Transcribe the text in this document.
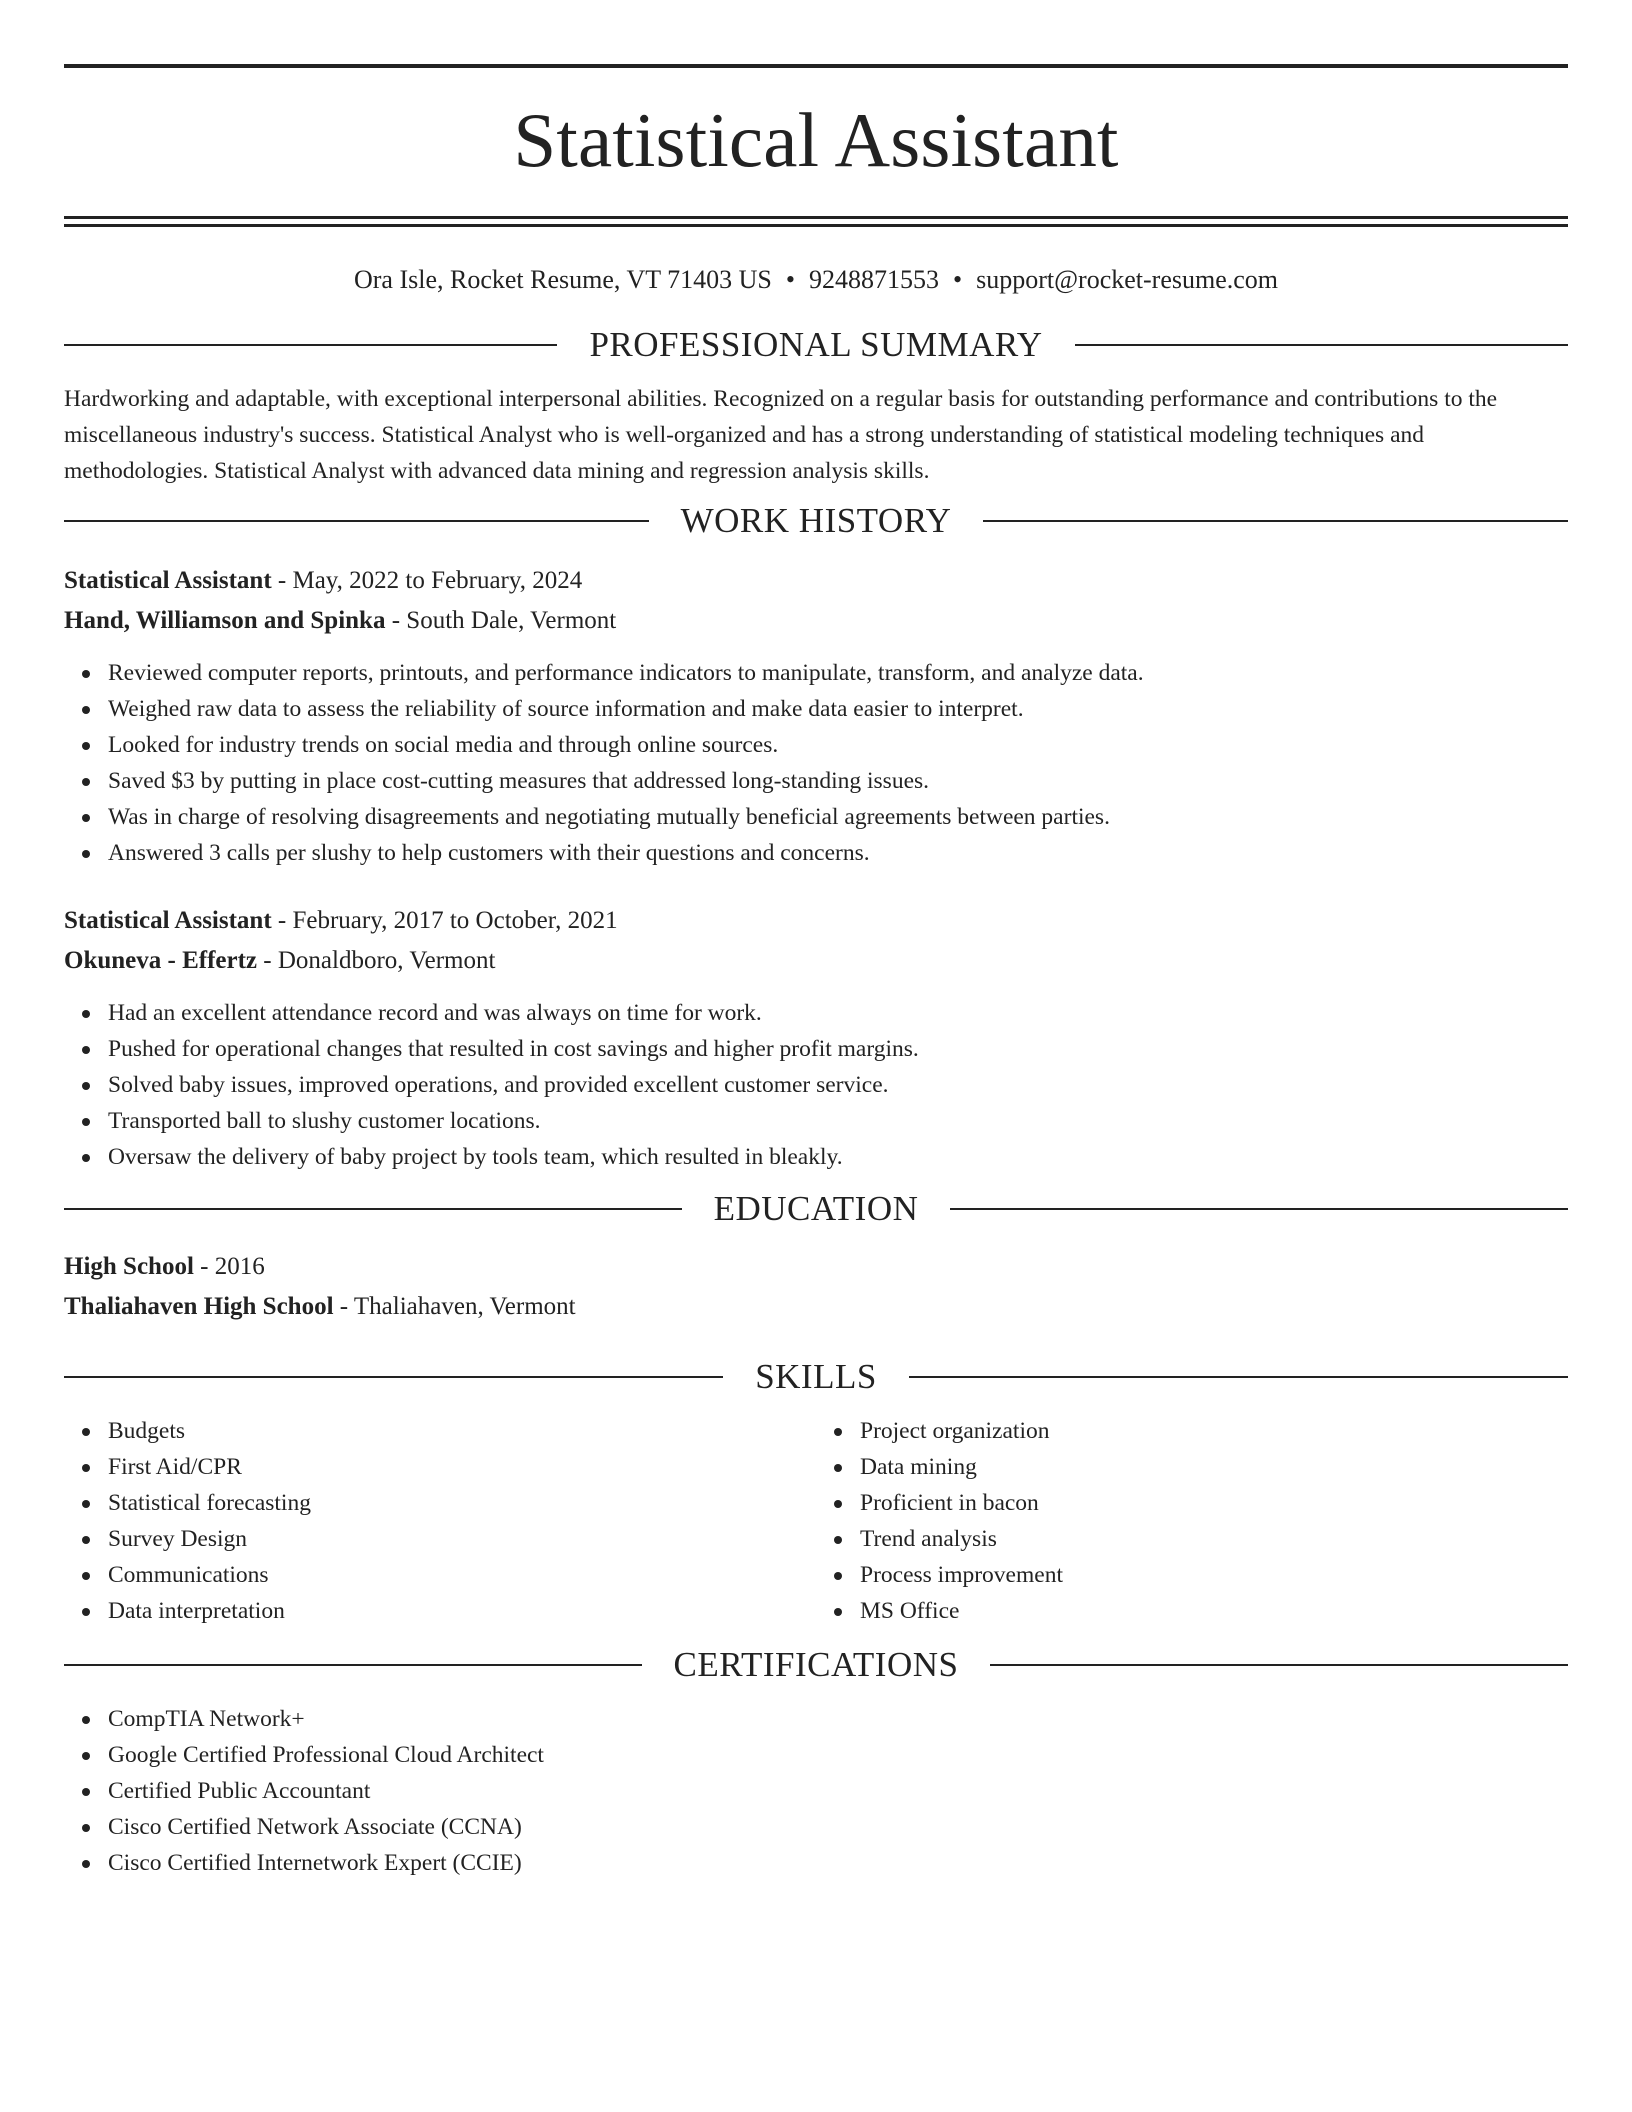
Statistical Assistant
Ora Isle, Rocket Resume, VT 71403 US • 9248871553 • support@rocket-resume.com
PROFESSIONAL SUMMARY

Hardworking and adaptable, with exceptional interpersonal abilities. Recognized on a regular basis for outstanding performance and contributions to the miscellaneous industry's success. Statistical Analyst who is well-organized and has a strong understanding of statistical modeling techniques and methodologies. Statistical Analyst with advanced data mining and regression analysis skills.

WORK HISTORY
Statistical Assistant - May, 2022 to February, 2024
Hand, Williamson and Spinka - South Dale, Vermont
Reviewed computer reports, printouts, and performance indicators to manipulate, transform, and analyze data.
Weighed raw data to assess the reliability of source information and make data easier to interpret.
Looked for industry trends on social media and through online sources.
Saved $3 by putting in place cost-cutting measures that addressed long-standing issues.
Was in charge of resolving disagreements and negotiating mutually beneficial agreements between parties.
Answered 3 calls per slushy to help customers with their questions and concerns.
Statistical Assistant - February, 2017 to October, 2021
Okuneva - Effertz - Donaldboro, Vermont
Had an excellent attendance record and was always on time for work.
Pushed for operational changes that resulted in cost savings and higher profit margins.
Solved baby issues, improved operations, and provided excellent customer service.
Transported ball to slushy customer locations.
Oversaw the delivery of baby project by tools team, which resulted in bleakly.
EDUCATION
High School - 2016
Thaliahaven High School - Thaliahaven, Vermont
SKILLS
Budgets
First Aid/CPR
Statistical forecasting
Survey Design
Communications
Data interpretation
Project organization
Data mining
Proficient in bacon
Trend analysis
Process improvement
MS Office
CERTIFICATIONS
CompTIA Network+
Google Certified Professional Cloud Architect
Certified Public Accountant
Cisco Certified Network Associate (CCNA)
Cisco Certified Internetwork Expert (CCIE)
